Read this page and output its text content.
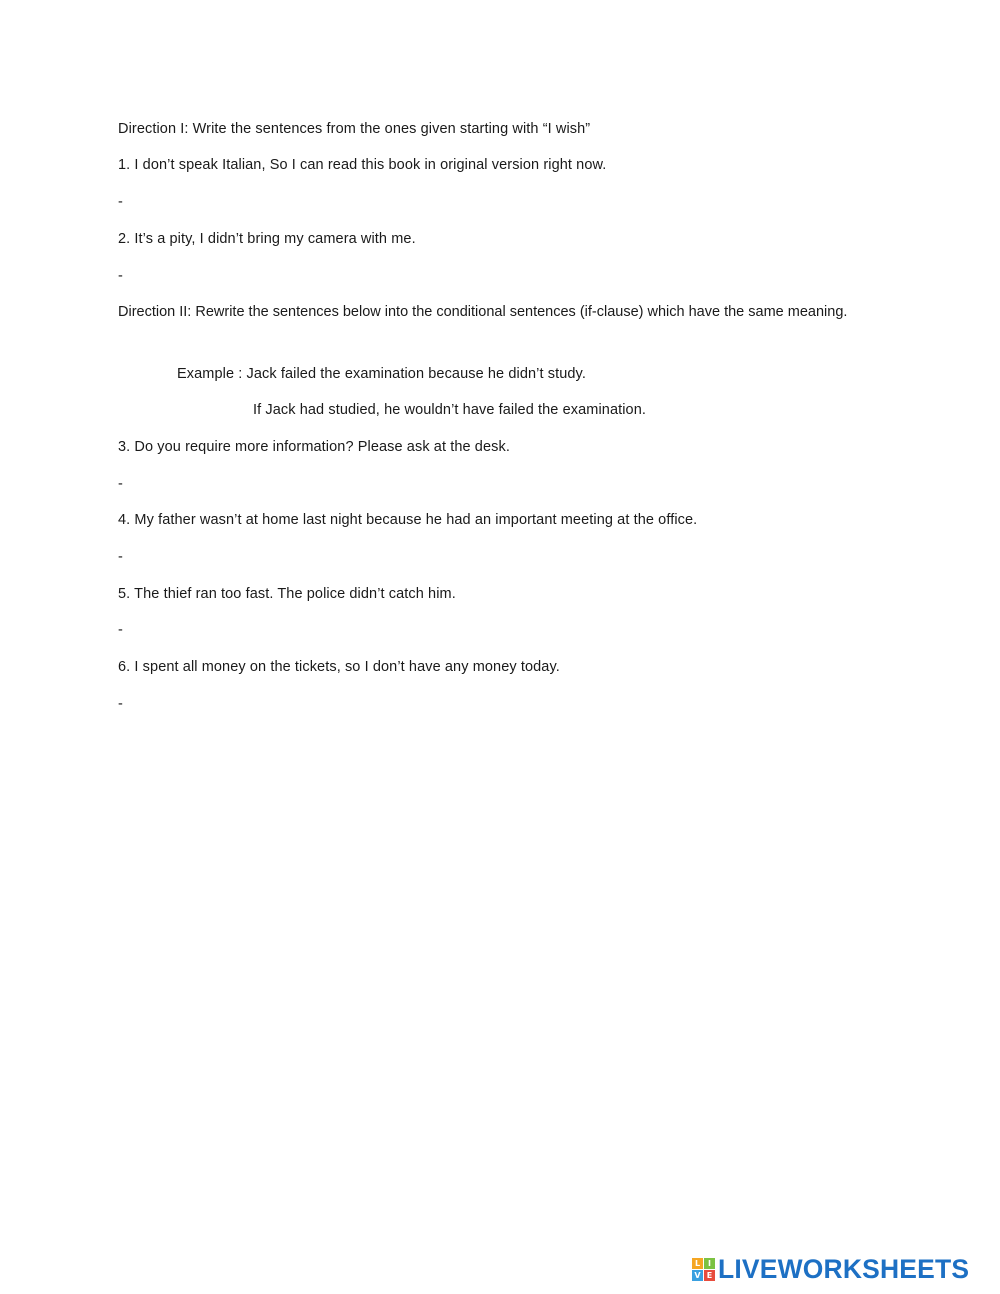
Direction I: Write the sentences from the ones given starting with “I wish”
1. I don’t speak Italian, So I can read this book in original version right now.
-
2. It’s a pity, I didn’t bring my camera with me.
-
Direction II: Rewrite the sentences below into the conditional sentences (if-clause) which have the same meaning.
Example : Jack failed the examination because he didn’t study.
If Jack had studied, he wouldn’t have failed the examination.
3. Do you require more information? Please ask at the desk.
-
4. My father wasn’t at home last night because he had an important meeting at the office.
-
5. The thief ran too fast. The police didn’t catch him.
-
6. I spent all money on the tickets, so I don’t have any money today.
-
L I
V E LIVEWORKSHEETS
